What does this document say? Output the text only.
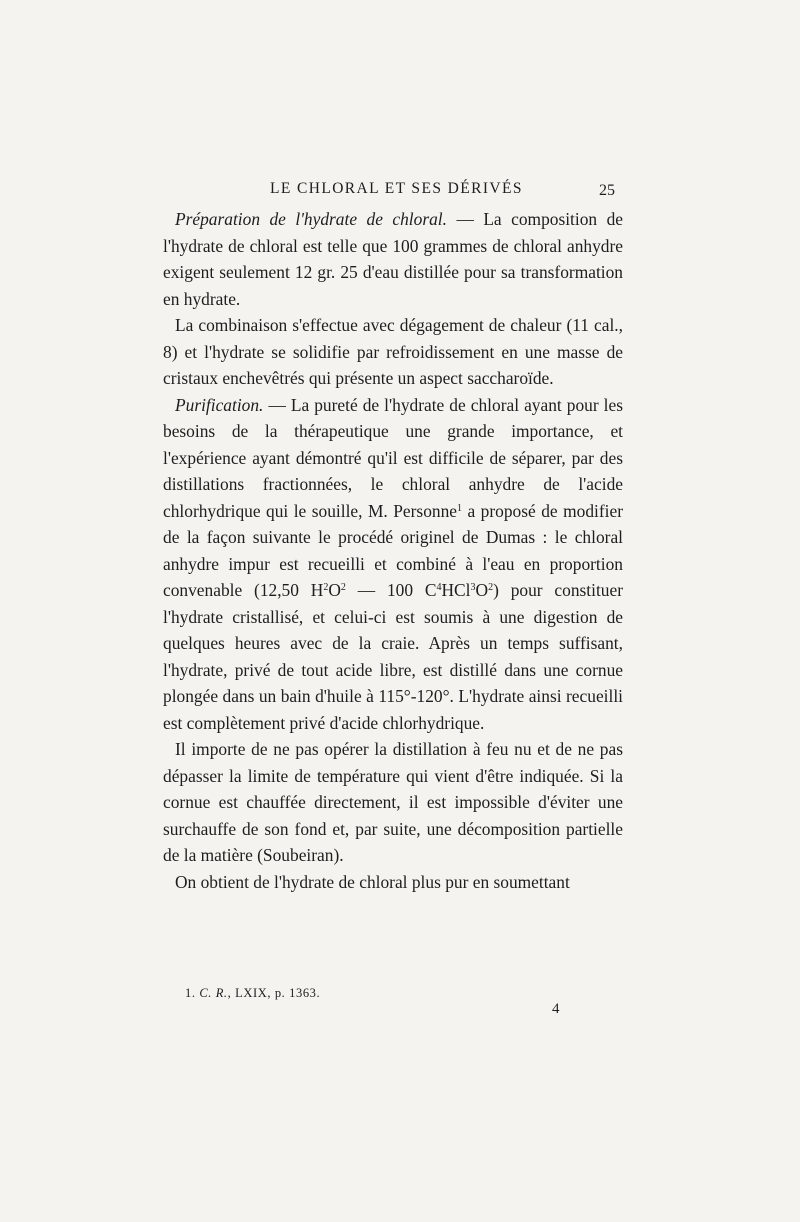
LE CHLORAL ET SES DÉRIVÉS	25

Préparation de l'hydrate de chloral. — La composition de l'hydrate de chloral est telle que 100 grammes de chloral anhydre exigent seulement 12 gr. 25 d'eau distillée pour sa transformation en hydrate.

La combinaison s'effectue avec dégagement de chaleur (11 cal., 8) et l'hydrate se solidifie par refroidissement en une masse de cristaux enchevêtrés qui présente un aspect saccharoïde.

Purification. — La pureté de l'hydrate de chloral ayant pour les besoins de la thérapeutique une grande importance, et l'expérience ayant démontré qu'il est difficile de séparer, par des distillations fractionnées, le chloral anhydre de l'acide chlorhydrique qui le souille, M. Personne$^1$ a proposé de modifier de la façon suivante le procédé originel de Dumas : le chloral anhydre impur est recueilli et combiné à l'eau en proportion convenable (12,50 $H^2O^2$ — 100 $C^4HCl^3O^2$) pour constituer l'hydrate cristallisé, et celui-ci est soumis à une digestion de quelques heures avec de la craie. Après un temps suffisant, l'hydrate, privé de tout acide libre, est distillé dans une cornue plongée dans un bain d'huile à 115°-120°. L'hydrate ainsi recueilli est complètement privé d'acide chlorhydrique.

Il importe de ne pas opérer la distillation à feu nu et de ne pas dépasser la limite de température qui vient d'être indiquée. Si la cornue est chauffée directement, il est impossible d'éviter une surchauffe de son fond et, par suite, une décomposition partielle de la matière (Soubeiran).

On obtient de l'hydrate de chloral plus pur en soumettant

1. C. R., LXIX, p. 1363.
4
